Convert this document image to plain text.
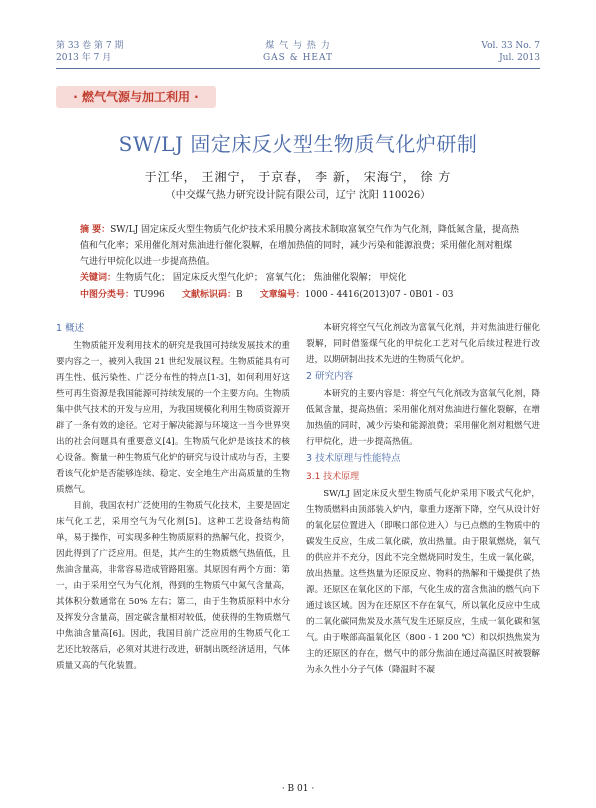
第 33 卷 第 7 期
2013 年 7 月
煤 气 与 热 力
GAS & HEAT
Vol. 33 No. 7
Jul. 2013
· 燃气气源与加工利用 ·
SW/LJ 固定床反火型生物质气化炉研制
于江华， 王湘宁， 于京春， 李 新， 宋海宁， 徐 方
（中交煤气热力研究设计院有限公司，辽宁 沈阳 110026）
摘 要：SW/LJ 固定床反火型生物质气化炉技术采用膜分离技术制取富氧空气作为气化剂，降低氮含量，提高热值和气化率；采用催化剂对焦油进行催化裂解，在增加热值的同时，减少污染和能源浪费；采用催化剂对粗煤气进行甲烷化以进一步提高热值。
关键词：生物质气化； 固定床反火型气化炉； 富氧气化； 焦油催化裂解； 甲烷化
中图分类号：TU996 文献标识码：B 文章编号：1000 - 4416(2013)07 - 0B01 - 03
1 概述

生物质能开发利用技术的研究是我国可持续发展技术的重要内容之一，被列入我国 21 世纪发展议程。生物质能具有可再生性、低污染性、广泛分布性的特点[1-3]，如何利用好这些可再生资源是我国能源可持续发展的一个主要方向。生物质集中供气技术的开发与应用，为我国规模化利用生物质资源开辟了一条有效的途径。它对于解决能源与环境这一当今世界突出的社会问题具有重要意义[4]。生物质气化炉是该技术的核心设备。衡量一种生物质气化炉的研究与设计成功与否，主要看该气化炉是否能够连续、稳定、安全地生产出高质量的生物质燃气。

目前，我国农村广泛使用的生物质气化技术，主要是固定床气化工艺，采用空气为气化剂[5]。这种工艺设备结构简单，易于操作，可实现多种生物质原料的热解气化，投资少，因此得到了广泛应用。但是，其产生的生物质燃气热值低，且焦油含量高，非常容易造成管路阻塞。其原因有两个方面：第一，由于采用空气为气化剂，得到的生物质气中氮气含量高，其体积分数通常在 50% 左右；第二，由于生物质原料中水分及挥发分含量高，固定碳含量相对较低，使获得的生物质燃气中焦油含量高[6]。因此，我国目前广泛应用的生物质气化工艺还比较落后，必须对其进行改进，研制出既经济适用，气体质量又高的气化装置。

本研究将空气气化剂改为富氧气化剂，并对焦油进行催化裂解，同时借鉴煤气化的甲烷化工艺对气化后续过程进行改进，以期研制出技术先进的生物质气化炉。

2 研究内容

本研究的主要内容是：将空气气化剂改为富氧气化剂，降低氮含量，提高热值；采用催化剂对焦油进行催化裂解，在增加热值的同时，减少污染和能源浪费；采用催化剂对粗燃气进行甲烷化，进一步提高热值。

3 技术原理与性能特点
3.1 技术原理

SW/LJ 固定床反火型生物质气化炉采用下吸式气化炉，生物质燃料由顶部装入炉内，靠重力逐渐下降，空气从设计好的氧化层位置进入（即喉口部位进入）与已点燃的生物质中的碳发生反应，生成二氧化碳，放出热量。由于限氧燃烧，氧气的供应并不充分，因此不完全燃烧同时发生，生成一氧化碳，放出热量。这些热量为还原反应、物料的热解和干燥提供了热源。还原区在氧化区的下部，气化生成的富含焦油的燃气向下通过该区域。因为在还原区不存在氧气，所以氧化反应中生成的二氧化碳同焦炭及水蒸气发生还原反应，生成一氧化碳和氢气。由于喉部高温氧化区（800 - 1 200 ℃）和以炽热焦炭为主的还原区的存在，燃气中的部分焦油在通过高温区时被裂解为永久性小分子气体（降温时不凝

· B 01 ·
